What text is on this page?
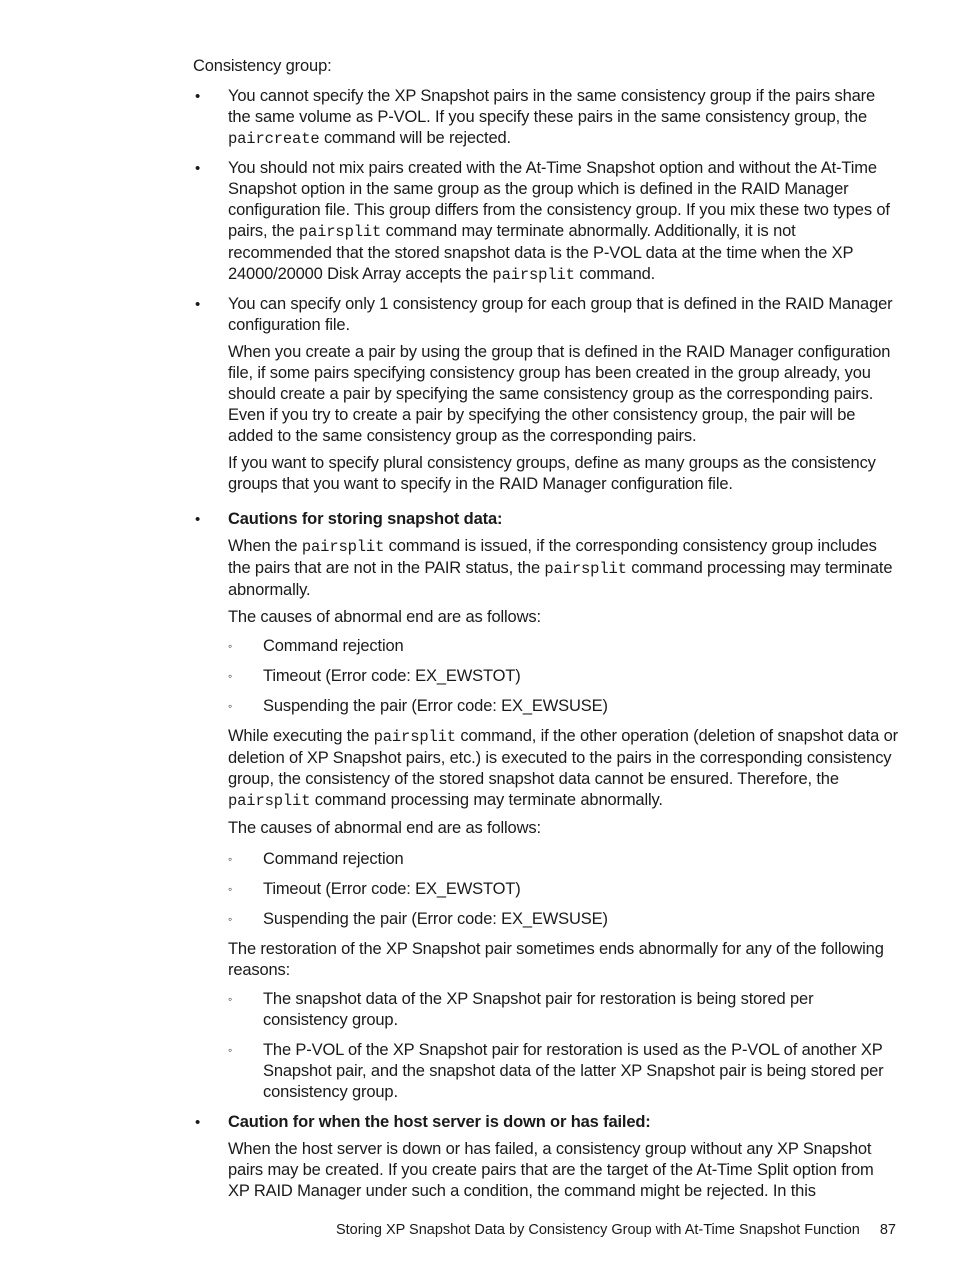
Consistency group:

• You cannot specify the XP Snapshot pairs in the same consistency group if the pairs share the same volume as P-VOL. If you specify these pairs in the same consistency group, the paircreate command will be rejected.

• You should not mix pairs created with the At-Time Snapshot option and without the At-Time Snapshot option in the same group as the group which is defined in the RAID Manager configuration file. This group differs from the consistency group. If you mix these two types of pairs, the pairsplit command may terminate abnormally. Additionally, it is not recommended that the stored snapshot data is the P-VOL data at the time when the XP 24000/20000 Disk Array accepts the pairsplit command.

• You can specify only 1 consistency group for each group that is defined in the RAID Manager configuration file.

When you create a pair by using the group that is defined in the RAID Manager configuration file, if some pairs specifying consistency group has been created in the group already, you should create a pair by specifying the same consistency group as the corresponding pairs. Even if you try to create a pair by specifying the other consistency group, the pair will be added to the same consistency group as the corresponding pairs.

If you want to specify plural consistency groups, define as many groups as the consistency groups that you want to specify in the RAID Manager configuration file.

• Cautions for storing snapshot data:

When the pairsplit command is issued, if the corresponding consistency group includes the pairs that are not in the PAIR status, the pairsplit command processing may terminate abnormally.

The causes of abnormal end are as follows:

◦ Command rejection
◦ Timeout (Error code: EX_EWSTOT)
◦ Suspending the pair (Error code: EX_EWSUSE)

While executing the pairsplit command, if the other operation (deletion of snapshot data or deletion of XP Snapshot pairs, etc.) is executed to the pairs in the corresponding consistency group, the consistency of the stored snapshot data cannot be ensured. Therefore, the pairsplit command processing may terminate abnormally.

The causes of abnormal end are as follows:

◦ Command rejection
◦ Timeout (Error code: EX_EWSTOT)
◦ Suspending the pair (Error code: EX_EWSUSE)

The restoration of the XP Snapshot pair sometimes ends abnormally for any of the following reasons:

◦ The snapshot data of the XP Snapshot pair for restoration is being stored per consistency group.
◦ The P-VOL of the XP Snapshot pair for restoration is used as the P-VOL of another XP Snapshot pair, and the snapshot data of the latter XP Snapshot pair is being stored per consistency group.
• Caution for when the host server is down or has failed:

When the host server is down or has failed, a consistency group without any XP Snapshot pairs may be created. If you create pairs that are the target of the At-Time Split option from XP RAID Manager under such a condition, the command might be rejected. In this

Storing XP Snapshot Data by Consistency Group with At-Time Snapshot Function 87
